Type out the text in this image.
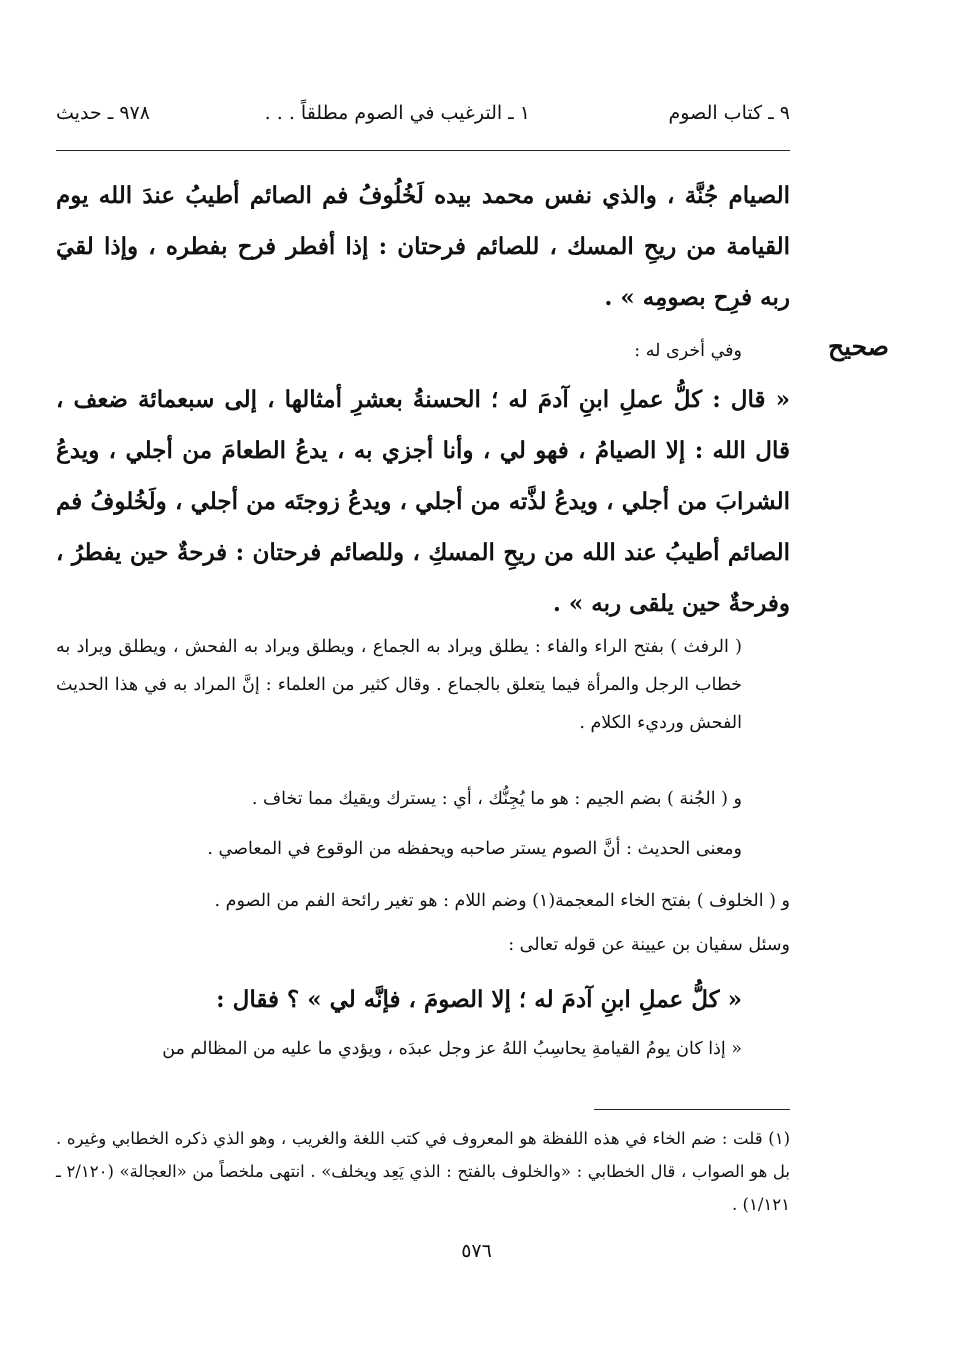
٩ ـ كتاب الصوم
١ ـ الترغيب في الصوم مطلقاً . . .
٩٧٨ ـ حديث
الصيام جُنَّة ، والذي نفس محمد بيده لَخُلُوفُ فم الصائم أطيبُ عندَ الله يوم القيامة من ريحِ المسك ، للصائم فرحتان : إذا أفطر فرح بفطره ، وإذا لقيَ ربه فرِح بصومِه » .
صحيح
وفي أخرى له :
« قال : كلُّ عملِ ابنِ آدمَ له ؛ الحسنةُ بعشرِ أمثالها ، إلى سبعمائة ضعف ، قال الله : إلا الصيامُ ، فهو لي ، وأنا أجزي به ، يدعُ الطعامَ من أجلي ، ويدعُ الشرابَ من أجلي ، ويدعُ لذَّته من أجلي ، ويدعُ زوجتَه من أجلي ، ولَخُلوفُ فم الصائم أطيبُ عند الله من ريحِ المسكِ ، وللصائم فرحتان : فرحةٌ حين يفطرُ ، وفرحةٌ حين يلقى ربه » .
( الرفث ) بفتح الراء والفاء : يطلق ويراد به الجماع ، ويطلق ويراد به الفحش ، ويطلق ويراد به خطاب الرجل والمرأة فيما يتعلق بالجماع . وقال كثير من العلماء : إنَّ المراد به في هذا الحديث الفحش ورديء الكلام .
و ( الجُنة ) بضم الجيم : هو ما يُجِنُّك ، أي : يسترك ويقيك مما تخاف .
ومعنى الحديث : أنَّ الصوم يستر صاحبه ويحفظه من الوقوع في المعاصي .
و ( الخلوف ) بفتح الخاء المعجمة(١) وضم اللام : هو تغير رائحة الفم من الصوم .
وسئل سفيان بن عيينة عن قوله تعالى :
« كلُّ عملِ ابنِ آدمَ له ؛ إلا الصومَ ، فإنَّه لي » ؟ فقال :
« إذا كان يومُ القيامةِ يحاسِبُ اللهُ عز وجل عبدَه ، ويؤدي ما عليه من المظالم من
(١) قلت : ضم الخاء في هذه اللفظة هو المعروف في كتب اللغة والغريب ، وهو الذي ذكره الخطابي وغيره . بل هو الصواب ، قال الخطابي : «والخلوف بالفتح : الذي يَعِد ويخلف» . انتهى ملخصاً من «العجالة» (٢/١٢٠ ـ ١/١٢١) .
٥٧٦
